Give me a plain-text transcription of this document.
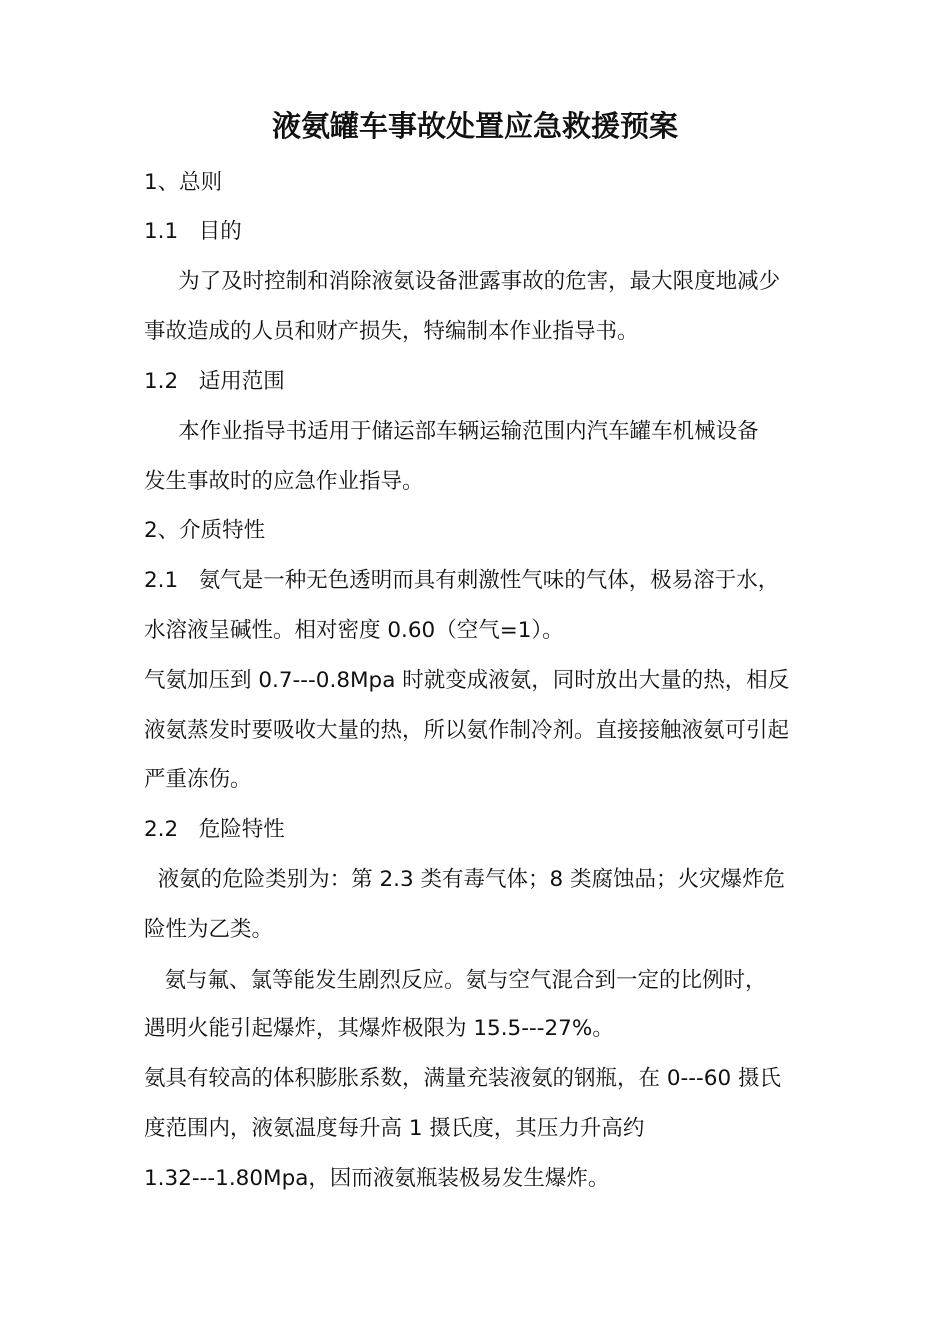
液氨罐车事故处置应急救援预案
1、总则
1.1   目的
为了及时控制和消除液氨设备泄露事故的危害，最大限度地减少
事故造成的人员和财产损失，特编制本作业指导书。
1.2   适用范围
本作业指导书适用于储运部车辆运输范围内汽车罐车机械设备
发生事故时的应急作业指导。
2、介质特性
2.1   氨气是一种无色透明而具有刺激性气味的气体，极易溶于水，
水溶液呈碱性。相对密度 0.60（空气=1）。
气氨加压到 0.7---0.8Mpa 时就变成液氨，同时放出大量的热，相反
液氨蒸发时要吸收大量的热，所以氨作制冷剂。直接接触液氨可引起
严重冻伤。
2.2   危险特性
液氨的危险类别为：第 2.3 类有毒气体；8 类腐蚀品；火灾爆炸危
险性为乙类。
氨与氟、氯等能发生剧烈反应。氨与空气混合到一定的比例时，
遇明火能引起爆炸，其爆炸极限为 15.5---27%。
氨具有较高的体积膨胀系数，满量充装液氨的钢瓶，在 0---60 摄氏
度范围内，液氨温度每升高 1 摄氏度，其压力升高约
1.32---1.80Mpa，因而液氨瓶装极易发生爆炸。
